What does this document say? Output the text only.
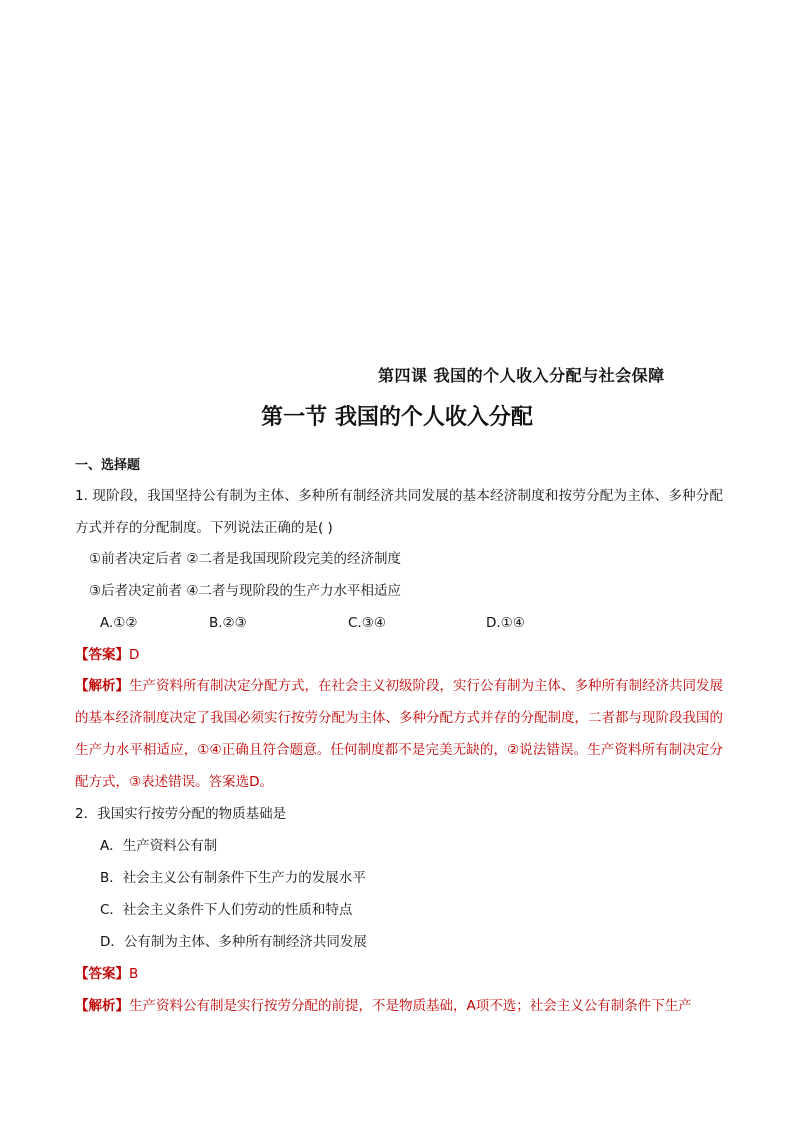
第四课 我国的个人收入分配与社会保障
第一节 我国的个人收入分配
一、选择题
1. 现阶段，我国坚持公有制为主体、多种所有制经济共同发展的基本经济制度和按劳分配为主体、多种分配方式并存的分配制度。下列说法正确的是( )
①前者决定后者 ②二者是我国现阶段完美的经济制度
③后者决定前者 ④二者与现阶段的生产力水平相适应
A.①②	B.②③	C.③④	D.①④
【答案】D
【解析】生产资料所有制决定分配方式，在社会主义初级阶段，实行公有制为主体、多种所有制经济共同发展的基本经济制度决定了我国必须实行按劳分配为主体、多种分配方式并存的分配制度，二者都与现阶段我国的生产力水平相适应，①④正确且符合题意。任何制度都不是完美无缺的，②说法错误。生产资料所有制决定分配方式，③表述错误。答案选D。
2．我国实行按劳分配的物质基础是
A．生产资料公有制
B．社会主义公有制条件下生产力的发展水平
C．社会主义条件下人们劳动的性质和特点
D．公有制为主体、多种所有制经济共同发展
【答案】B
【解析】生产资料公有制是实行按劳分配的前提，不是物质基础，A项不选；社会主义公有制条件下生产
